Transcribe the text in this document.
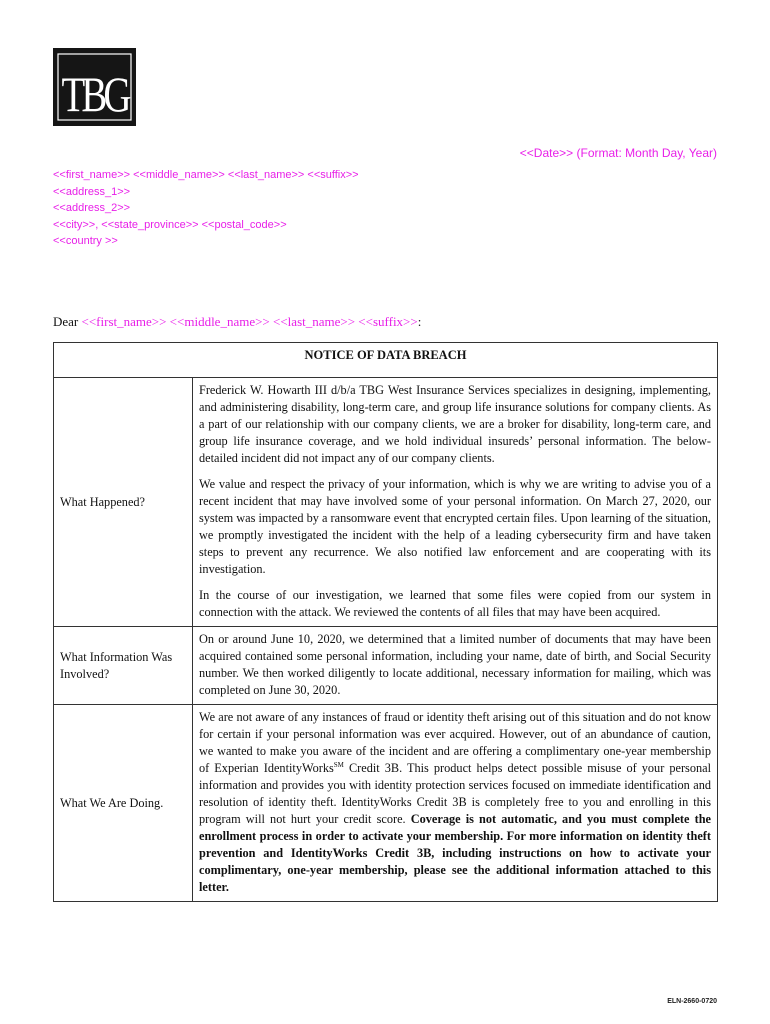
TBG
<<Date>> (Format: Month Day, Year)
<<first_name>> <<middle_name>> <<last_name>> <<suffix>>
<<address_1>>
<<address_2>>
<<city>>, <<state_province>> <<postal_code>>
<<country >>
Dear <<first_name>> <<middle_name>> <<last_name>> <<suffix>>:
NOTICE OF DATA BREACH	
What Happened?	Frederick W. Howarth III d/b/a TBG West Insurance Services specializes in designing, implementing, and administering disability, long-term care, and group life insurance solutions for company clients. As a part of our relationship with our company clients, we are a broker for disability, long-term care, and group life insurance coverage, and we hold individual insureds’ personal information. The below-detailed incident did not impact any of our company clients.

We value and respect the privacy of your information, which is why we are writing to advise you of a recent incident that may have involved some of your personal information. On March 27, 2020, our system was impacted by a ransomware event that encrypted certain files. Upon learning of the situation, we promptly investigated the incident with the help of a leading cybersecurity firm and have taken steps to prevent any recurrence. We also notified law enforcement and are cooperating with its investigation.

In the course of our investigation, we learned that some files were copied from our system in connection with the attack. We reviewed the contents of all files that may have been acquired.

What Information Was Involved?	On or around June 10, 2020, we determined that a limited number of documents that may have been acquired contained some personal information, including your name, date of birth, and Social Security number. We then worked diligently to locate additional, necessary information for mailing, which was completed on June 30, 2020.

What We Are Doing.	We are not aware of any instances of fraud or identity theft arising out of this situation and do not know for certain if your personal information was ever acquired. However, out of an abundance of caution, we wanted to make you aware of the incident and are offering a complimentary one-year membership of Experian IdentityWorks℠ Credit 3B. This product helps detect possible misuse of your personal information and provides you with identity protection services focused on immediate identification and resolution of identity theft. IdentityWorks Credit 3B is completely free to you and enrolling in this program will not hurt your credit score. Coverage is not automatic, and you must complete the enrollment process in order to activate your membership. For more information on identity theft prevention and IdentityWorks Credit 3B, including instructions on how to activate your complimentary, one-year membership, please see the additional information attached to this letter.

ELN-2660-0720
